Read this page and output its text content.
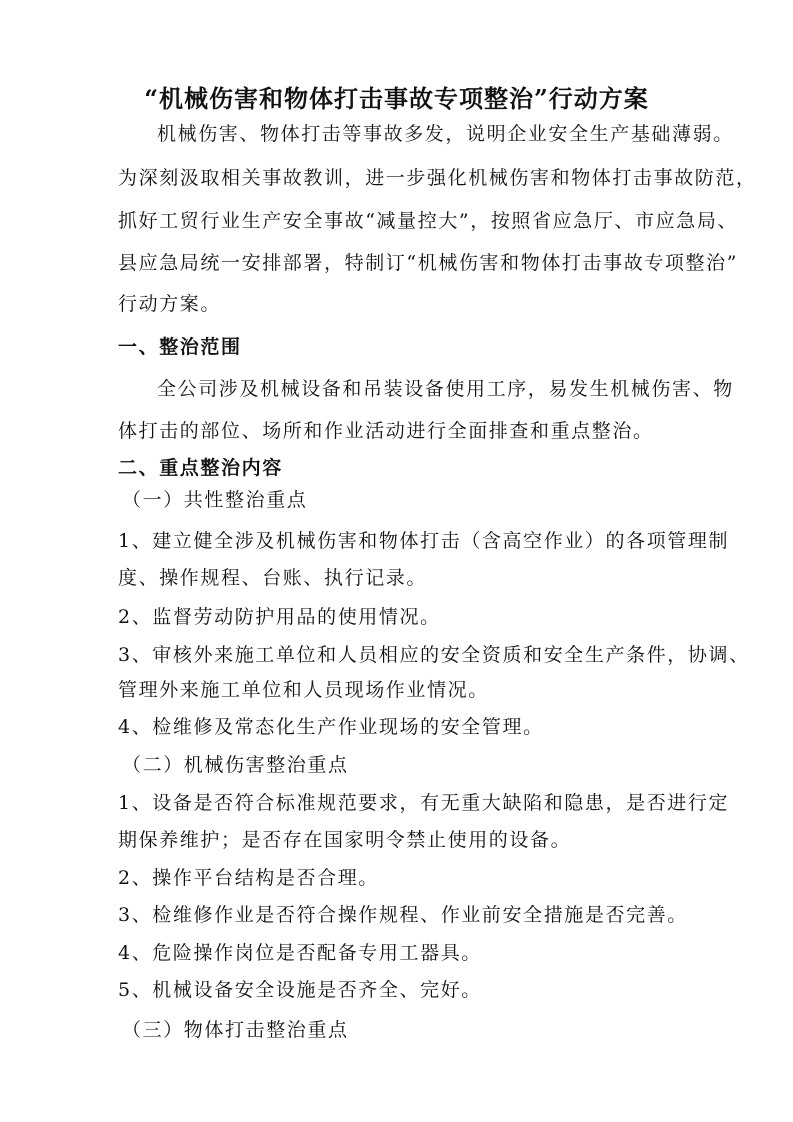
“机械伤害和物体打击事故专项整治”行动方案
机械伤害、物体打击等事故多发，说明企业安全生产基础薄弱。
为深刻汲取相关事故教训，进一步强化机械伤害和物体打击事故防范，
抓好工贸行业生产安全事故“减量控大”，按照省应急厅、市应急局、
县应急局统一安排部署，特制订“机械伤害和物体打击事故专项整治”
行动方案。
一、整治范围
全公司涉及机械设备和吊装设备使用工序，易发生机械伤害、物
体打击的部位、场所和作业活动进行全面排查和重点整治。
二、重点整治内容
（一）共性整治重点
1、建立健全涉及机械伤害和物体打击（含高空作业）的各项管理制
度、操作规程、台账、执行记录。
2、监督劳动防护用品的使用情况。
3、审核外来施工单位和人员相应的安全资质和安全生产条件，协调、
管理外来施工单位和人员现场作业情况。
4、检维修及常态化生产作业现场的安全管理。
（二）机械伤害整治重点
1、设备是否符合标准规范要求，有无重大缺陷和隐患，是否进行定
期保养维护；是否存在国家明令禁止使用的设备。
2、操作平台结构是否合理。
3、检维修作业是否符合操作规程、作业前安全措施是否完善。
4、危险操作岗位是否配备专用工器具。
5、机械设备安全设施是否齐全、完好。
（三）物体打击整治重点
